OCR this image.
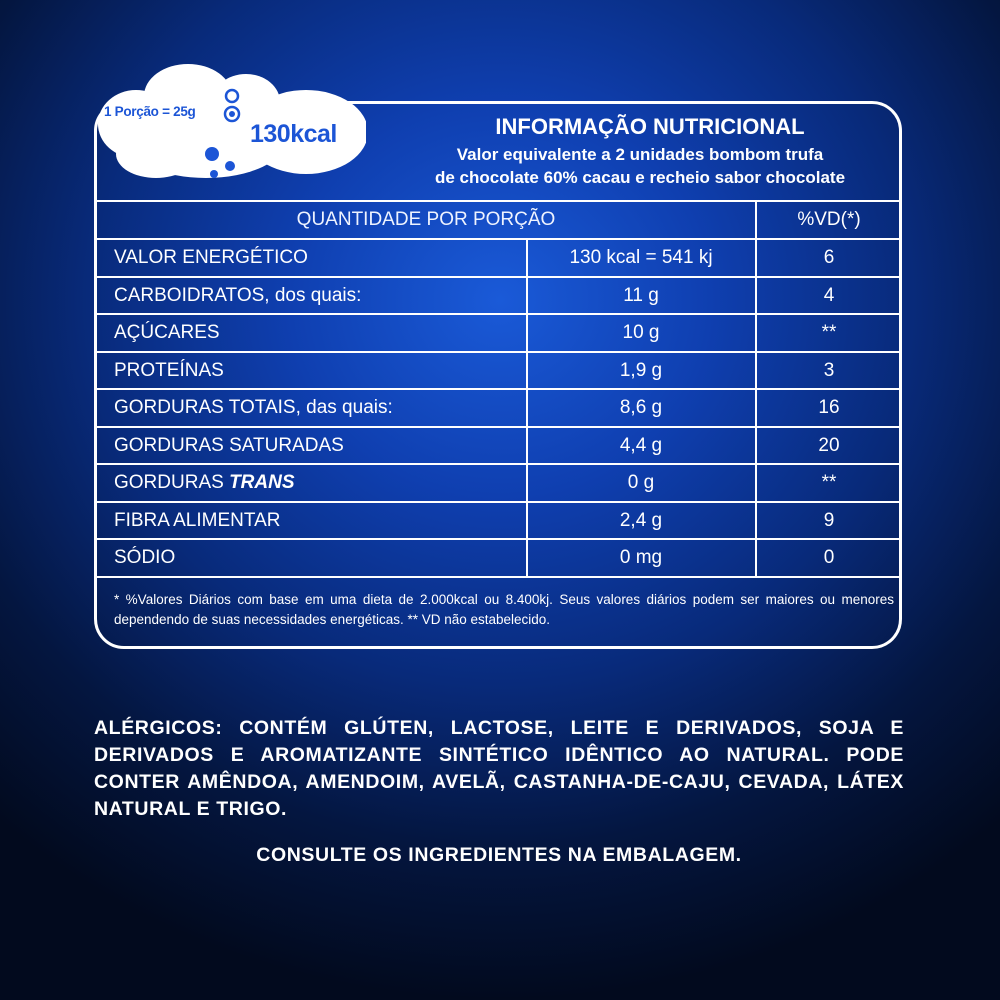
1 Porção = 25g
130kcal	INFORMAÇÃO NUTRICIONAL
Valor equivalente a 2 unidades bombom trufa
de chocolate 60% cacau e recheio sabor chocolate
QUANTIDADE POR PORÇÃO	%VD(*)
VALOR ENERGÉTICO	130 kcal = 541 kj	6
CARBOIDRATOS, dos quais:	11 g	4
AÇÚCARES	10 g	**
PROTEÍNAS	1,9 g	3
GORDURAS TOTAIS, das quais:	8,6 g	16
GORDURAS SATURADAS	4,4 g	20
GORDURAS TRANS	0 g	**
FIBRA ALIMENTAR	2,4 g	9
SÓDIO	0 mg	0
* %Valores Diários com base em uma dieta de 2.000kcal ou 8.400kj. Seus valores diários podem ser maiores ou menores dependendo de suas necessidades energéticas. ** VD não estabelecido.
ALÉRGICOS: CONTÉM GLÚTEN, LACTOSE, LEITE E DERIVADOS, SOJA E DERIVADOS E AROMATIZANTE SINTÉTICO IDÊNTICO AO NATURAL. PODE CONTER AMÊNDOA, AMENDOIM, AVELÃ, CASTANHA-DE-CAJU, CEVADA, LÁTEX NATURAL E TRIGO.
CONSULTE OS INGREDIENTES NA EMBALAGEM.
